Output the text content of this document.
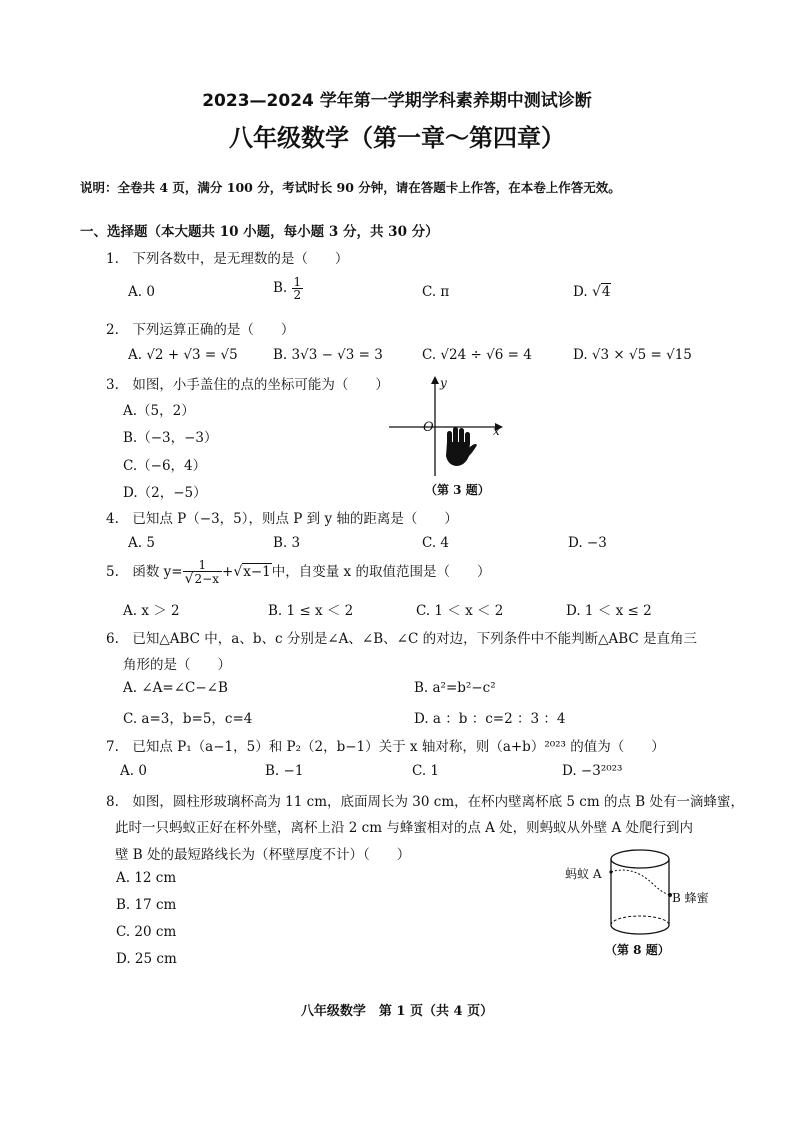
2023—2024 学年第一学期学科素养期中测试诊断
八年级数学（第一章～第四章）
说明：全卷共 4 页，满分 100 分，考试时长 90 分钟，请在答题卡上作答，在本卷上作答无效。
一、选择题（本大题共 10 小题，每小题 3 分，共 30 分）
1.　下列各数中，是无理数的是（　　）
A. 0	B. $\frac{1}{2}$	C. π	D. √4
2.　下列运算正确的是（　　）
A. √2 + √3 = √5	B. 3√3 − √3 = 3	C. √24 ÷ √6 = 4	D. √3 × √5 = √15
3.　如图，小手盖住的点的坐标可能为（　　）
A.（5，2）
B.（−3，−3）
C.（−6，4）
D.（2，−5）
y
x
O
（第 3 题）
4.　已知点 P（−3，5），则点 P 到 y 轴的距离是（　　）
A. 5	B. 3	C. 4	D. −3
5.　函数 $y= \frac{1}{√2-x} +√x-1$中，自变量 x 的取值范围是（　　）
A. x ＞ 2	B. 1 ≤ x ＜ 2	C. 1 ＜ x ＜ 2	D. 1 ＜ x ≤ 2
6.　已知△ABC 中，a、b、c 分别是∠A、∠B、∠C 的对边，下列条件中不能判断△ABC 是直角三
角形的是（　　）
A. ∠A=∠C−∠B	B. a²=b²−c²
C. a=3，b=5，c=4	D. a ：b ：c=2 ：3 ：4
7.　已知点 P₁（a−1，5）和 P₂（2，b−1）关于 x 轴对称，则（a+b）²⁰²³ 的值为（　　）
A. 0	B. −1	C. 1	D. −3²⁰²³
8.　如图，圆柱形玻璃杯高为 11 cm，底面周长为 30 cm，在杯内壁离杯底 5 cm 的点 B 处有一滴蜂蜜，
此时一只蚂蚁正好在杯外壁，离杯上沿 2 cm 与蜂蜜相对的点 A 处，则蚂蚁从外壁 A 处爬行到内
壁 B 处的最短路线长为（杯壁厚度不计）（　　）
A. 12 cm
B. 17 cm
C. 20 cm
D. 25 cm
蚂蚁 A
B 蜂蜜
（第 8 题）
八年级数学　第 1 页（共 4 页）
